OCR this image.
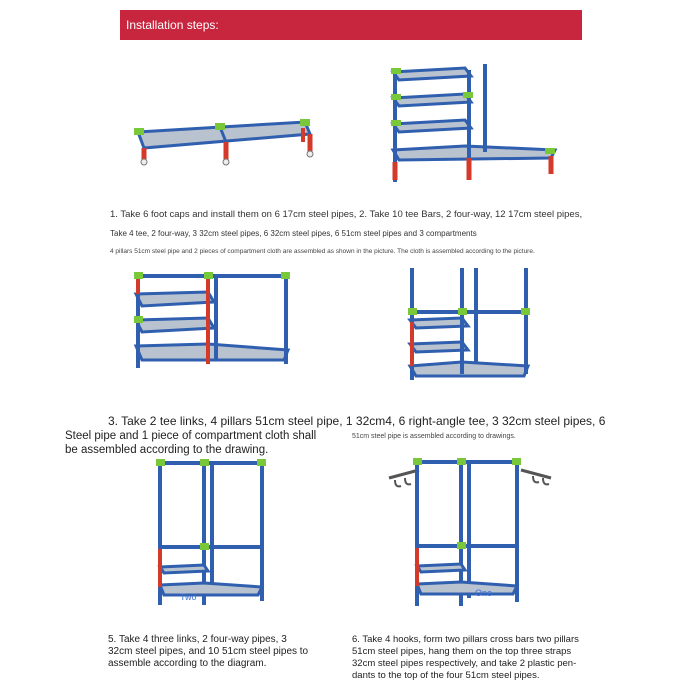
Installation steps:
1. Take 6 foot caps and install them on 6 17cm steel pipes, 2. Take 10 tee Bars, 2 four-way, 12 17cm steel pipes,
Take 4 tee, 2 four-way, 3 32cm steel pipes, 6 32cm steel pipes, 6 51cm steel pipes and 3 compartments
4 pillars 51cm steel pipe and 2 pieces of compartment cloth are assembled as shown in the picture. The cloth is assembled according to the picture.
3. Take 2 tee links, 4 pillars 51cm steel pipe, 1 32cm4, 6 right-angle tee, 3 32cm steel pipes, 6
Steel pipe and 1 piece of compartment cloth shall
be assembled according to the drawing.
51cm steel pipe is assembled according to drawings.
Two	One
5. Take 4 three links, 2 four-way pipes, 3
32cm steel pipes, and 10 51cm steel pipes to
assemble according to the diagram.
6. Take 4 hooks, form two pillars cross bars two pillars
51cm steel pipes, hang them on the top three straps
32cm steel pipes respectively, and take 2 plastic pen-
dants to the top of the four 51cm steel pipes.
